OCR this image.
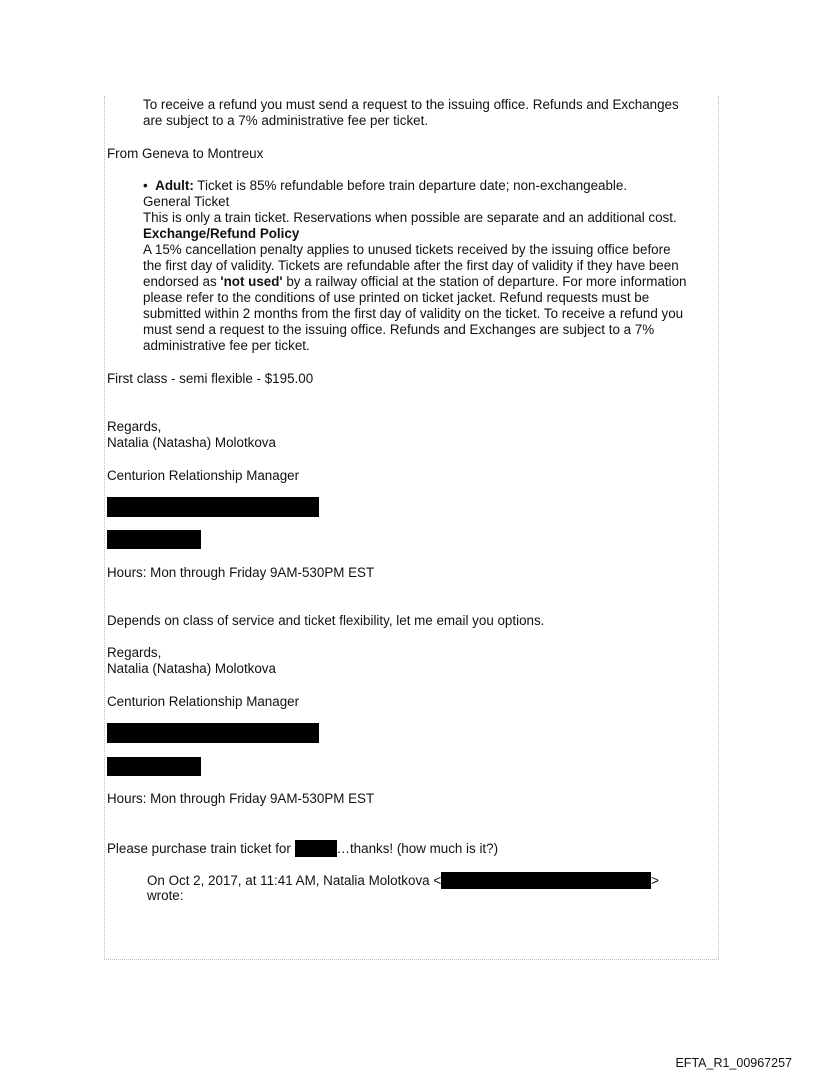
To receive a refund you must send a request to the issuing office. Refunds and Exchanges
are subject to a 7% administrative fee per ticket.
From Geneva to Montreux
• Adult: Ticket is 85% refundable before train departure date; non-exchangeable.
General Ticket
This is only a train ticket. Reservations when possible are separate and an additional cost.
Exchange/Refund Policy
A 15% cancellation penalty applies to unused tickets received by the issuing office before
the first day of validity. Tickets are refundable after the first day of validity if they have been
endorsed as 'not used' by a railway official at the station of departure. For more information
please refer to the conditions of use printed on ticket jacket. Refund requests must be
submitted within 2 months from the first day of validity on the ticket. To receive a refund you
must send a request to the issuing office. Refunds and Exchanges are subject to a 7%
administrative fee per ticket.
First class - semi flexible - $195.00
Regards,
Natalia (Natasha) Molotkova
Centurion Relationship Manager
Hours: Mon through Friday 9AM-530PM EST
Depends on class of service and ticket flexibility, let me email you options.
Regards,
Natalia (Natasha) Molotkova
Centurion Relationship Manager
Hours: Mon through Friday 9AM-530PM EST
Please purchase train ticket for	…thanks! (how much is it?)
On Oct 2, 2017, at 11:41 AM, Natalia Molotkova <	>
wrote:
EFTA_R1_00967257
